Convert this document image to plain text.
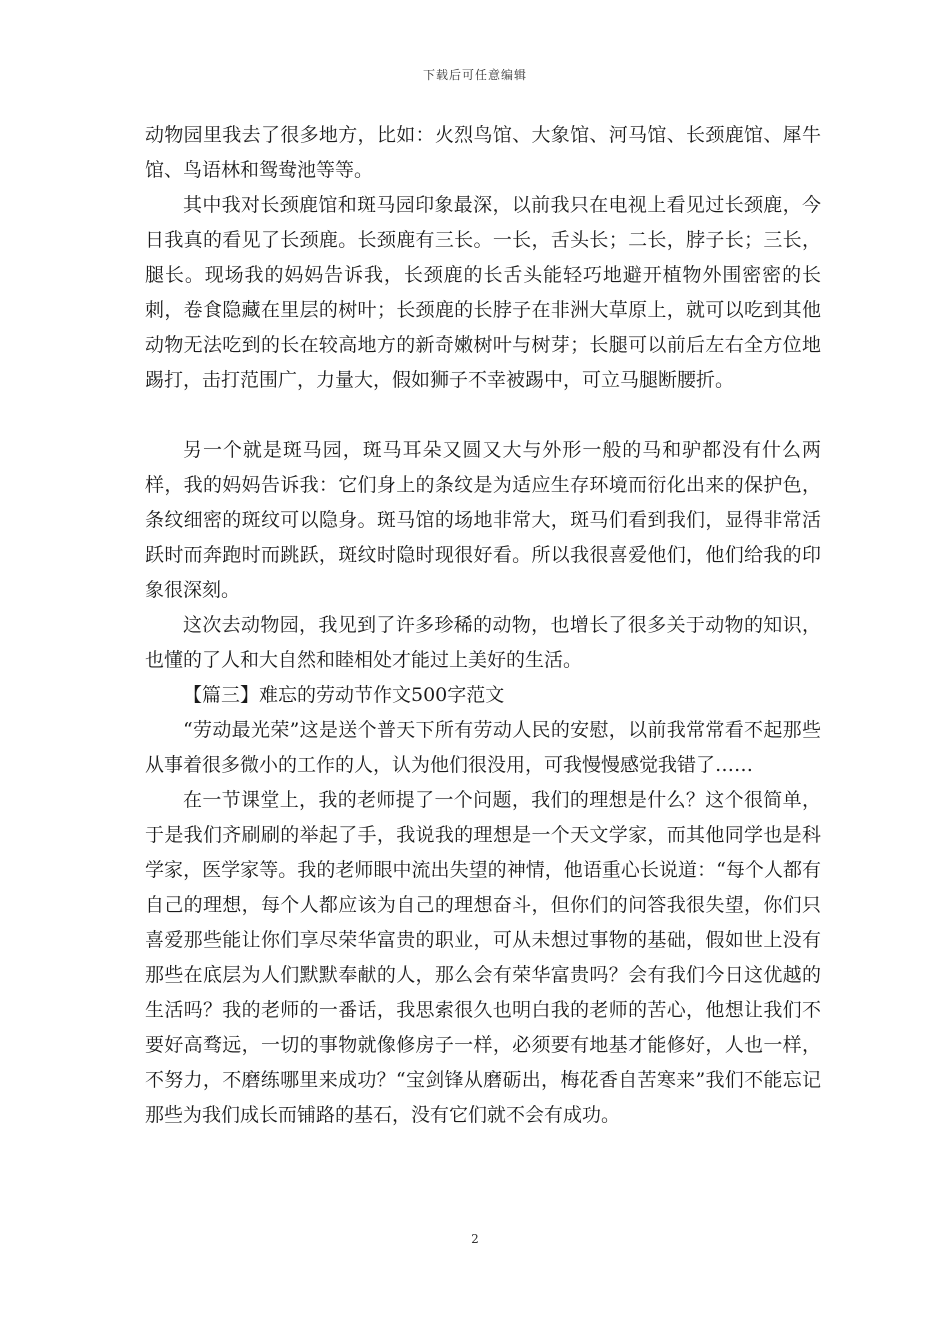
下载后可任意编辑

动物园里我去了很多地方，比如：火烈鸟馆、大象馆、河马馆、长颈鹿馆、犀牛馆、鸟语林和鸳鸯池等等。

其中我对长颈鹿馆和斑马园印象最深，以前我只在电视上看见过长颈鹿，今日我真的看见了长颈鹿。长颈鹿有三长。一长，舌头长；二长，脖子长；三长，腿长。现场我的妈妈告诉我，长颈鹿的长舌头能轻巧地避开植物外围密密的长刺，卷食隐藏在里层的树叶；长颈鹿的长脖子在非洲大草原上，就可以吃到其他动物无法吃到的长在较高地方的新奇嫩树叶与树芽；长腿可以前后左右全方位地踢打，击打范围广，力量大，假如狮子不幸被踢中，可立马腿断腰折。

另一个就是斑马园，斑马耳朵又圆又大与外形一般的马和驴都没有什么两样，我的妈妈告诉我：它们身上的条纹是为适应生存环境而衍化出来的保护色，条纹细密的斑纹可以隐身。斑马馆的场地非常大，斑马们看到我们，显得非常活跃时而奔跑时而跳跃，斑纹时隐时现很好看。所以我很喜爱他们，他们给我的印象很深刻。

这次去动物园，我见到了许多珍稀的动物，也增长了很多关于动物的知识，也懂的了人和大自然和睦相处才能过上美好的生活。

【篇三】难忘的劳动节作文500字范文

“劳动最光荣”这是送个普天下所有劳动人民的安慰，以前我常常看不起那些从事着很多微小的工作的人，认为他们很没用，可我慢慢感觉我错了……

在一节课堂上，我的老师提了一个问题，我们的理想是什么？这个很简单，于是我们齐刷刷的举起了手，我说我的理想是一个天文学家，而其他同学也是科学家，医学家等。我的老师眼中流出失望的神情，他语重心长说道：“每个人都有自己的理想，每个人都应该为自己的理想奋斗，但你们的问答我很失望，你们只喜爱那些能让你们享尽荣华富贵的职业，可从未想过事物的基础，假如世上没有那些在底层为人们默默奉献的人，那么会有荣华富贵吗？会有我们今日这优越的生活吗？我的老师的一番话，我思索很久也明白我的老师的苦心，他想让我们不要好高骛远，一切的事物就像修房子一样，必须要有地基才能修好，人也一样，不努力，不磨练哪里来成功？“宝剑锋从磨砺出，梅花香自苦寒来”我们不能忘记那些为我们成长而铺路的基石，没有它们就不会有成功。

2
